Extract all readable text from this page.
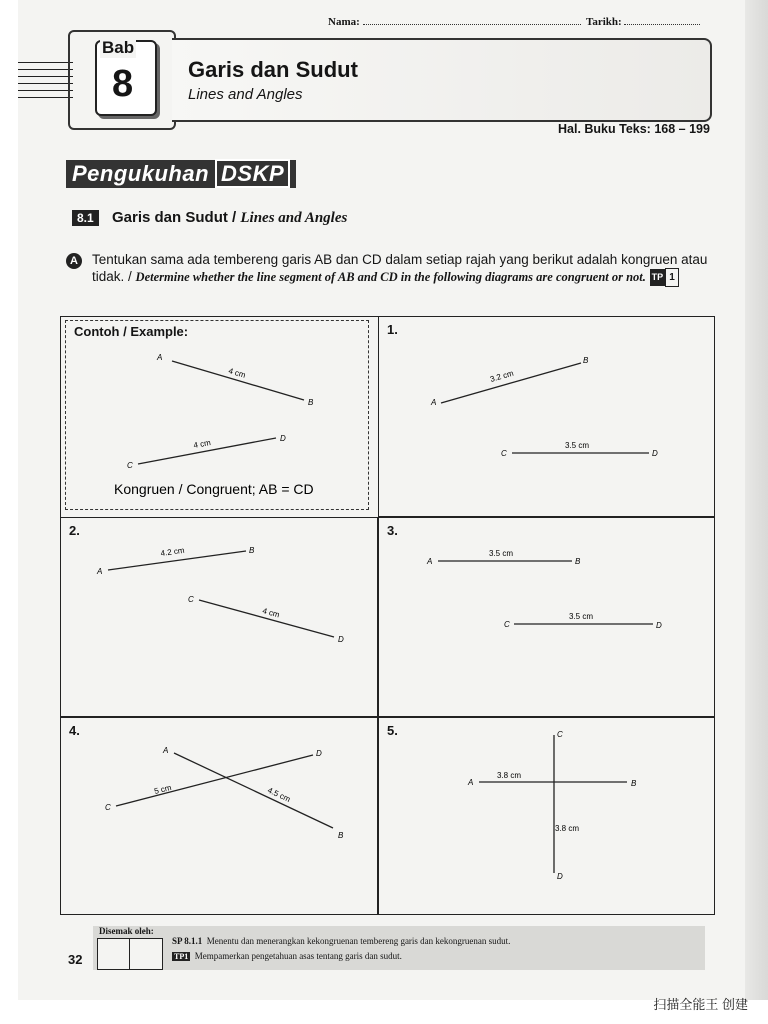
Nama:	Tarikh:
Bab
8 Garis dan Sudut
Lines and Angles
Hal. Buku Teks: 168 – 199
Pengukuhan DSKP
8.1	Garis dan Sudut / Lines and Angles
A Tentukan sama ada tembereng garis AB dan CD dalam setiap rajah yang berikut adalah kongruen atau tidak. / Determine whether the line segment of AB and CD in the following diagrams are congruent or not. TP 1
Contoh / Example:
A
B
C
D
4 cm
4 cm
Kongruen / Congruent; AB = CD
1.
A
B
C	D
3.2 cm
3.5 cm
2.
A
B
C
D
4.2 cm
4 cm
3.
A	B
C	D
3.5 cm
3.5 cm
4.
A
B
C
D
4.5 cm
5 cm
5.
A	B
C
D
3.8 cm
3.8 cm
Disemak oleh:
32
SP 8.1.1 Menentu dan menerangkan kekongruenan tembereng garis dan kekongruenan sudut.
TP1 Mempamerkan pengetahuan asas tentang garis dan sudut.
扫描全能王 创建
